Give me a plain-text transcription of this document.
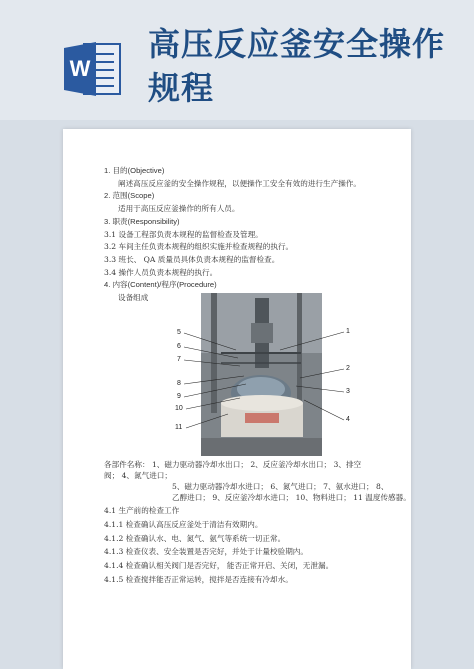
W
高压反应釜安全操作规程

1. 目的(Objective)

阐述高压反应釜的安全操作规程，以便操作工安全有效的进行生产操作。

2. 范围(Scope)

适用于高压反应釜操作的所有人员。

3. 职责(Responsibility)

3.1 设备工程部负责本规程的监督检查及管理。

3.2 车间主任负责本规程的组织实施并检查规程的执行。

3.3 班长、 QA 质量员具体负责本规程的监督检查。

3.4 操作人员负责本规程的执行。

4. 内容(Content)/程序(Procedure)

设备组成

5
6
7
8
9
10
11
1
2
3
4

各部件名称： 1、磁力驱动器冷却水出口； 2、反应釜冷却水出口； 3、排空

阀； 4、氮气进口；

5、磁力驱动器冷却水进口； 6、氮气进口； 7、氨水进口； 8、

乙醇进口； 9、反应釜冷却水进口； 10、物料进口； 11 温度传感器。

4.1 生产前的检查工作

4.1.1 检查确认高压反应釜处于清洁有效期内。

4.1.2 检查确认水、电、氮气、氨气等系统一切正常。

4.1.3 检查仪表、安全装置是否完好，并处于计量校验期内。

4.1.4 检查确认相关阀门是否完好， 能否正常开启、关闭，无泄漏。

4.1.5 检查搅拌能否正常运转，搅拌是否连接有冷却水。
